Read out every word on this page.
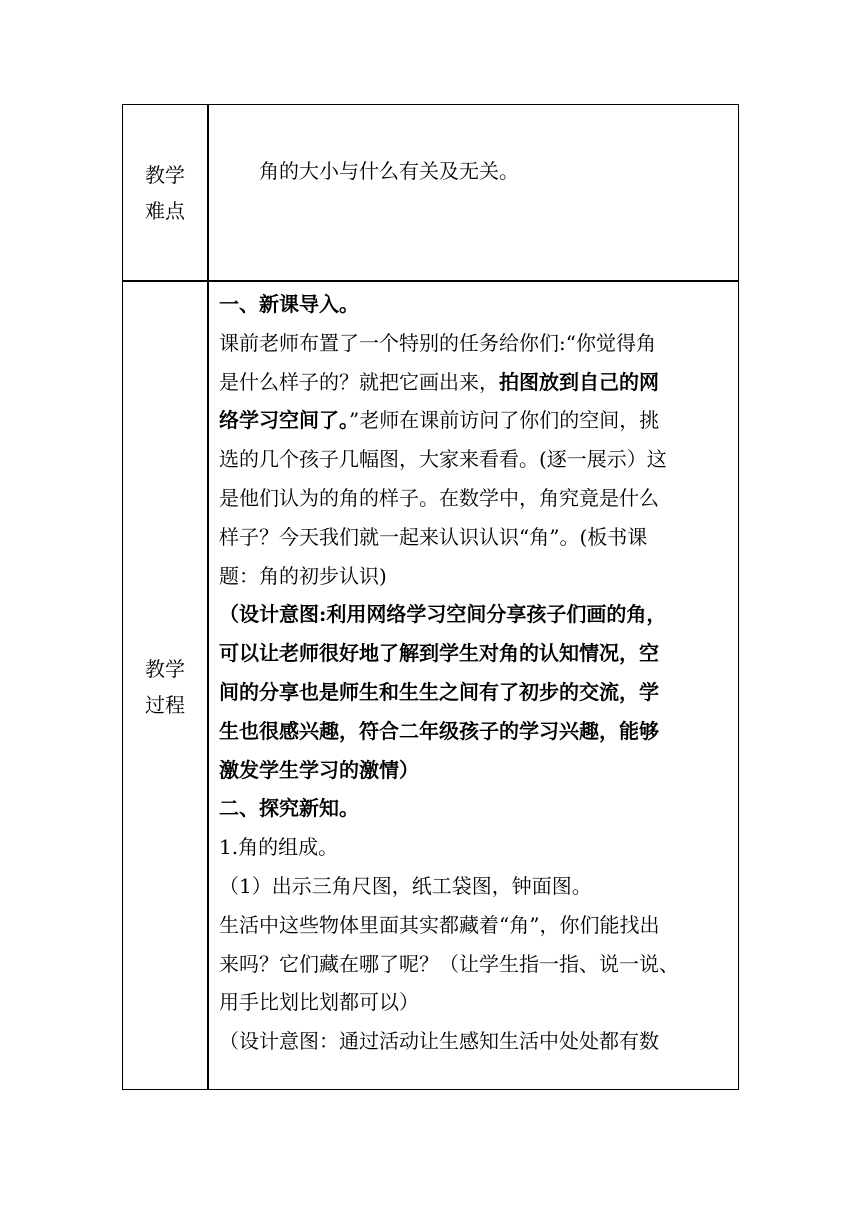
教学
难点

角的大小与什么有关及无关。

教学
过程
一、新课导入。
课前老师布置了一个特别的任务给你们:“你觉得角
是什么样子的？就把它画出来，拍图放到自己的网
络学习空间了。”老师在课前访问了你们的空间，挑
选的几个孩子几幅图，大家来看看。(逐一展示）这
是他们认为的角的样子。在数学中，角究竟是什么
样子？今天我们就一起来认识认识“角”。(板书课
题：角的初步认识)
（设计意图:利用网络学习空间分享孩子们画的角，
可以让老师很好地了解到学生对角的认知情况，空
间的分享也是师生和生生之间有了初步的交流，学
生也很感兴趣，符合二年级孩子的学习兴趣，能够
激发学生学习的激情）
二、探究新知。
1.角的组成。
（1）出示三角尺图，纸工袋图，钟面图。
生活中这些物体里面其实都藏着“角”，你们能找出
来吗？它们藏在哪了呢？（让学生指一指、说一说、
用手比划比划都可以）
（设计意图：通过活动让生感知生活中处处都有数
